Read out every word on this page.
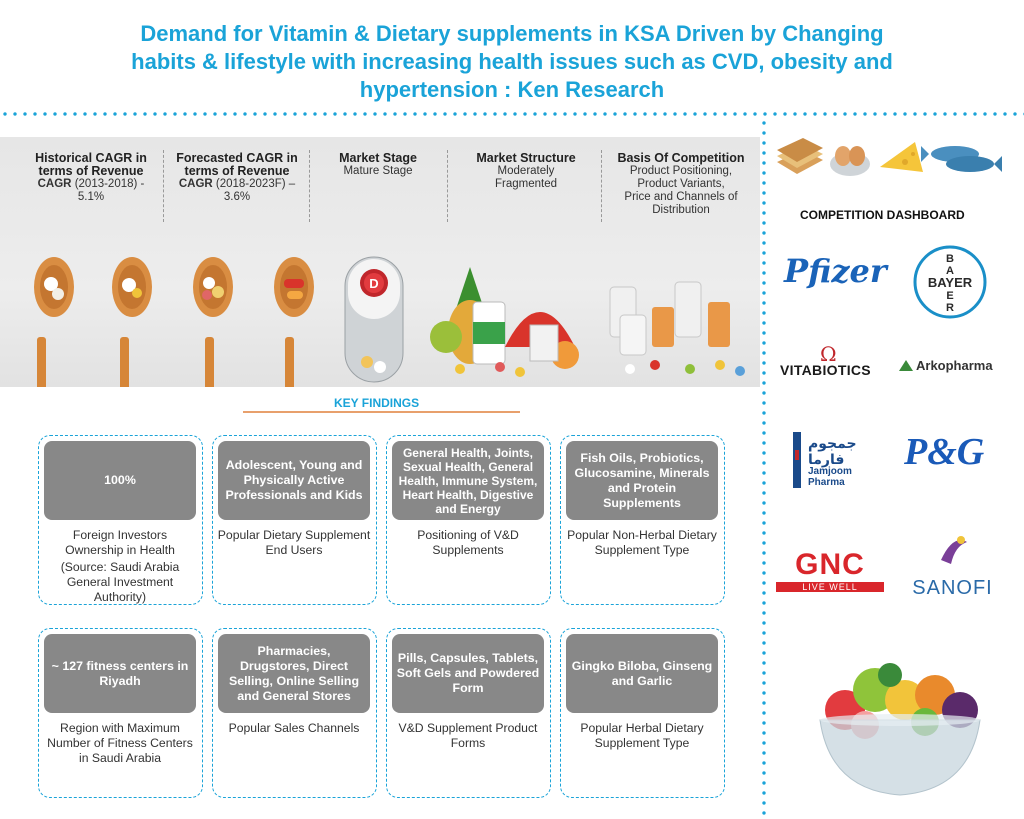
Demand for Vitamin & Dietary supplements in KSA Driven by Changing
habits & lifestyle with increasing health issues such as CVD, obesity and
hypertension : Ken Research
D
Historical CAGR in
terms of Revenue
CAGR (2013-2018) -
5.1%
Forecasted CAGR in
terms of Revenue
CAGR (2018-2023F) –
3.6%
Market Stage
Mature Stage
Market Structure
Moderately
Fragmented
Basis Of Competition
Product Positioning,
Product Variants,
Price and Channels of
Distribution
KEY FINDINGS
100%
Foreign Investors Ownership in Health
(Source: Saudi Arabia General Investment Authority)
Adolescent, Young and Physically Active Professionals and Kids
Popular Dietary Supplement End Users
General Health, Joints, Sexual Health, General Health, Immune System, Heart Health, Digestive and Energy
Positioning of V&D Supplements
Fish Oils, Probiotics, Glucosamine, Minerals and Protein Supplements
Popular Non-Herbal Dietary Supplement Type
~ 127 fitness centers in Riyadh
Region with Maximum Number of Fitness Centers in Saudi Arabia
Pharmacies, Drugstores, Direct Selling, Online Selling and General Stores
Popular Sales Channels
Pills, Capsules, Tablets, Soft Gels and Powdered Form
V&D Supplement Product Forms
Gingko Biloba, Ginseng and Garlic
Popular Herbal Dietary Supplement Type
COMPETITION DASHBOARD
Pfizer	BAYER
B
A
E
R
Ω
VITABIOTICS	Arkopharma
جمجوم فارما
Jamjoom Pharma
P&G
GNC
LIVE WELL	SANOFI
